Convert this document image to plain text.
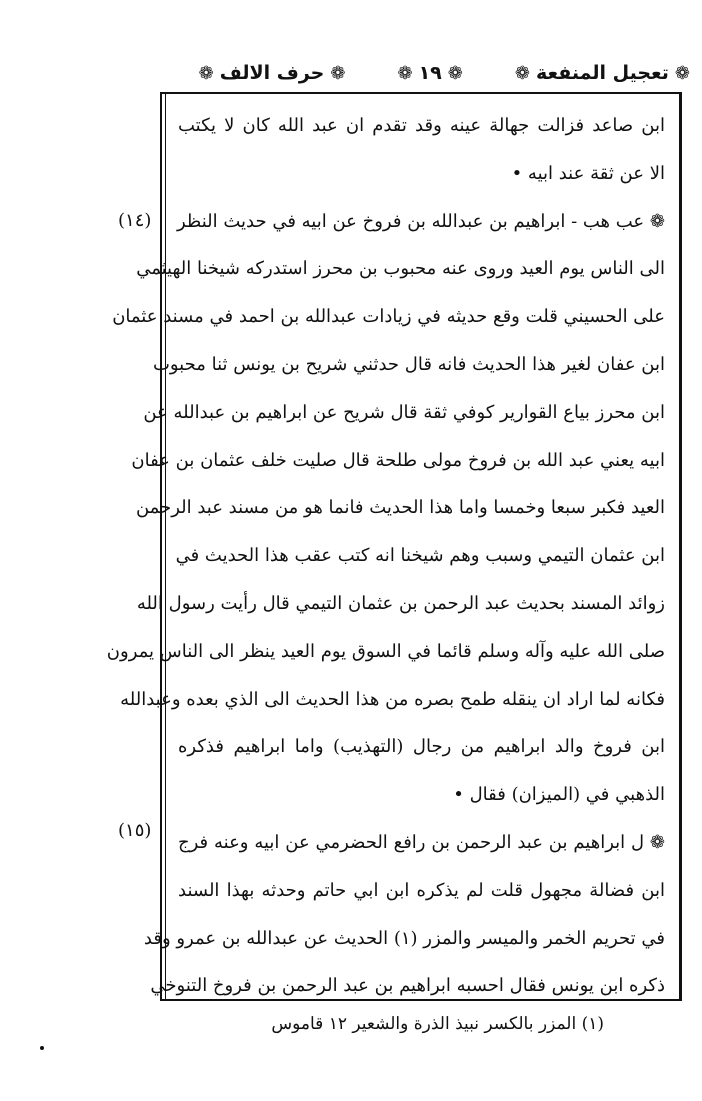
❁
تعجيل المنفعة
❁
❁
١٩
❁
❁
حرف الالف
❁
ابن صاعد فزالت جهالة عينه وقد تقدم ان عبد الله كان لا يكتب
الا عن ثقة عند ابيه •
❁ عب هب - ابراهيم بن عبدالله بن فروخ عن ابيه في حديث النظر
الى الناس يوم العيد وروى عنه محبوب بن محرز استدركه شيخنا الهيثمي
على الحسيني قلت وقع حديثه في زيادات عبدالله بن احمد في مسند عثمان
ابن عفان لغير هذا الحديث فانه قال حدثني شريح بن يونس ثنا محبوب
ابن محرز بياع القوارير كوفي ثقة قال شريح عن ابراهيم بن عبدالله عن
ابيه يعني عبد الله بن فروخ مولى طلحة قال صليت خلف عثمان بن عفان
العيد فكبر سبعا وخمسا واما هذا الحديث فانما هو من مسند عبد الرحمن
ابن عثمان التيمي وسبب وهم شيخنا انه كتب عقب هذا الحديث في
زوائد المسند بحديث عبد الرحمن بن عثمان التيمي قال رأيت رسول الله
صلى الله عليه وآله وسلم قائما في السوق يوم العيد ينظر الى الناس يمرون
فكانه لما اراد ان ينقله طمح بصره من هذا الحديث الى الذي بعده وعبدالله
ابن فروخ والد ابراهيم من رجال (التهذيب) واما ابراهيم فذكره
الذهبي في (الميزان) فقال •
❁ ل ابراهيم بن عبد الرحمن بن رافع الحضرمي عن ابيه وعنه فرج
ابن فضالة مجهول قلت لم يذكره ابن ابي حاتم وحدثه بهذا السند
في تحريم الخمر والميسر والمزر (١) الحديث عن عبدالله بن عمرو وقد
ذكره ابن يونس فقال احسبه ابراهيم بن عبد الرحمن بن فروخ التنوخي
(١٤)
(١٥)
(١) المزر بالكسر نبيذ الذرة والشعير ١٢ قاموس
